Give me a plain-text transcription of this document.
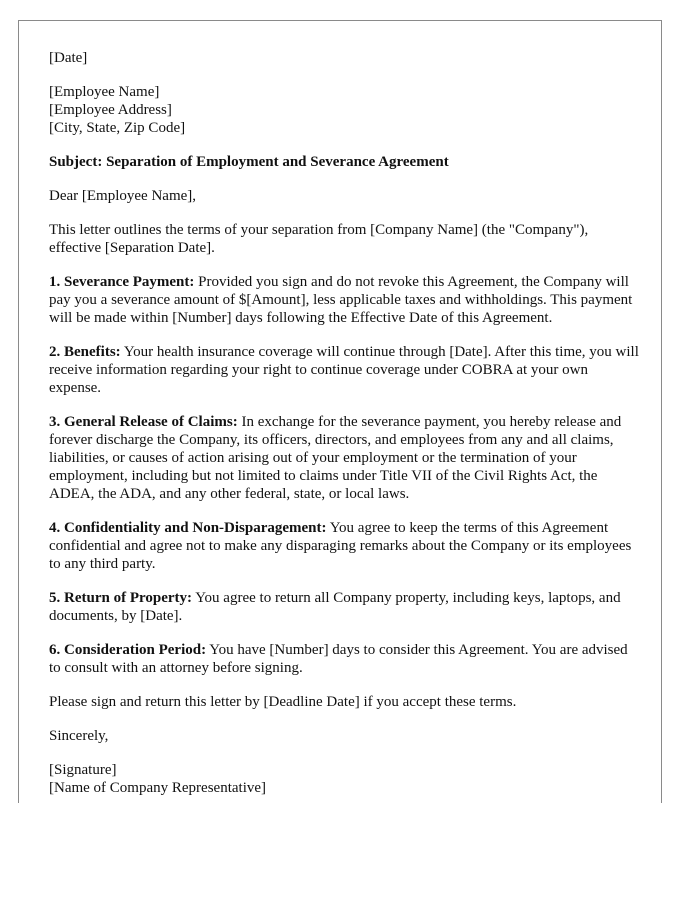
[Date]

[Employee Name]
[Employee Address]
[City, State, Zip Code]

Subject: Separation of Employment and Severance Agreement

Dear [Employee Name],

This letter outlines the terms of your separation from [Company Name] (the "Company"), effective [Separation Date].

1. Severance Payment: Provided you sign and do not revoke this Agreement, the Company will pay you a severance amount of $[Amount], less applicable taxes and withholdings. This payment will be made within [Number] days following the Effective Date of this Agreement.

2. Benefits: Your health insurance coverage will continue through [Date]. After this time, you will receive information regarding your right to continue coverage under COBRA at your own expense.

3. General Release of Claims: In exchange for the severance payment, you hereby release and forever discharge the Company, its officers, directors, and employees from any and all claims, liabilities, or causes of action arising out of your employment or the termination of your employment, including but not limited to claims under Title VII of the Civil Rights Act, the ADEA, the ADA, and any other federal, state, or local laws.

4. Confidentiality and Non-Disparagement: You agree to keep the terms of this Agreement confidential and agree not to make any disparaging remarks about the Company or its employees to any third party.

5. Return of Property: You agree to return all Company property, including keys, laptops, and documents, by [Date].

6. Consideration Period: You have [Number] days to consider this Agreement. You are advised to consult with an attorney before signing.

Please sign and return this letter by [Deadline Date] if you accept these terms.

Sincerely,

[Signature]
[Name of Company Representative]
